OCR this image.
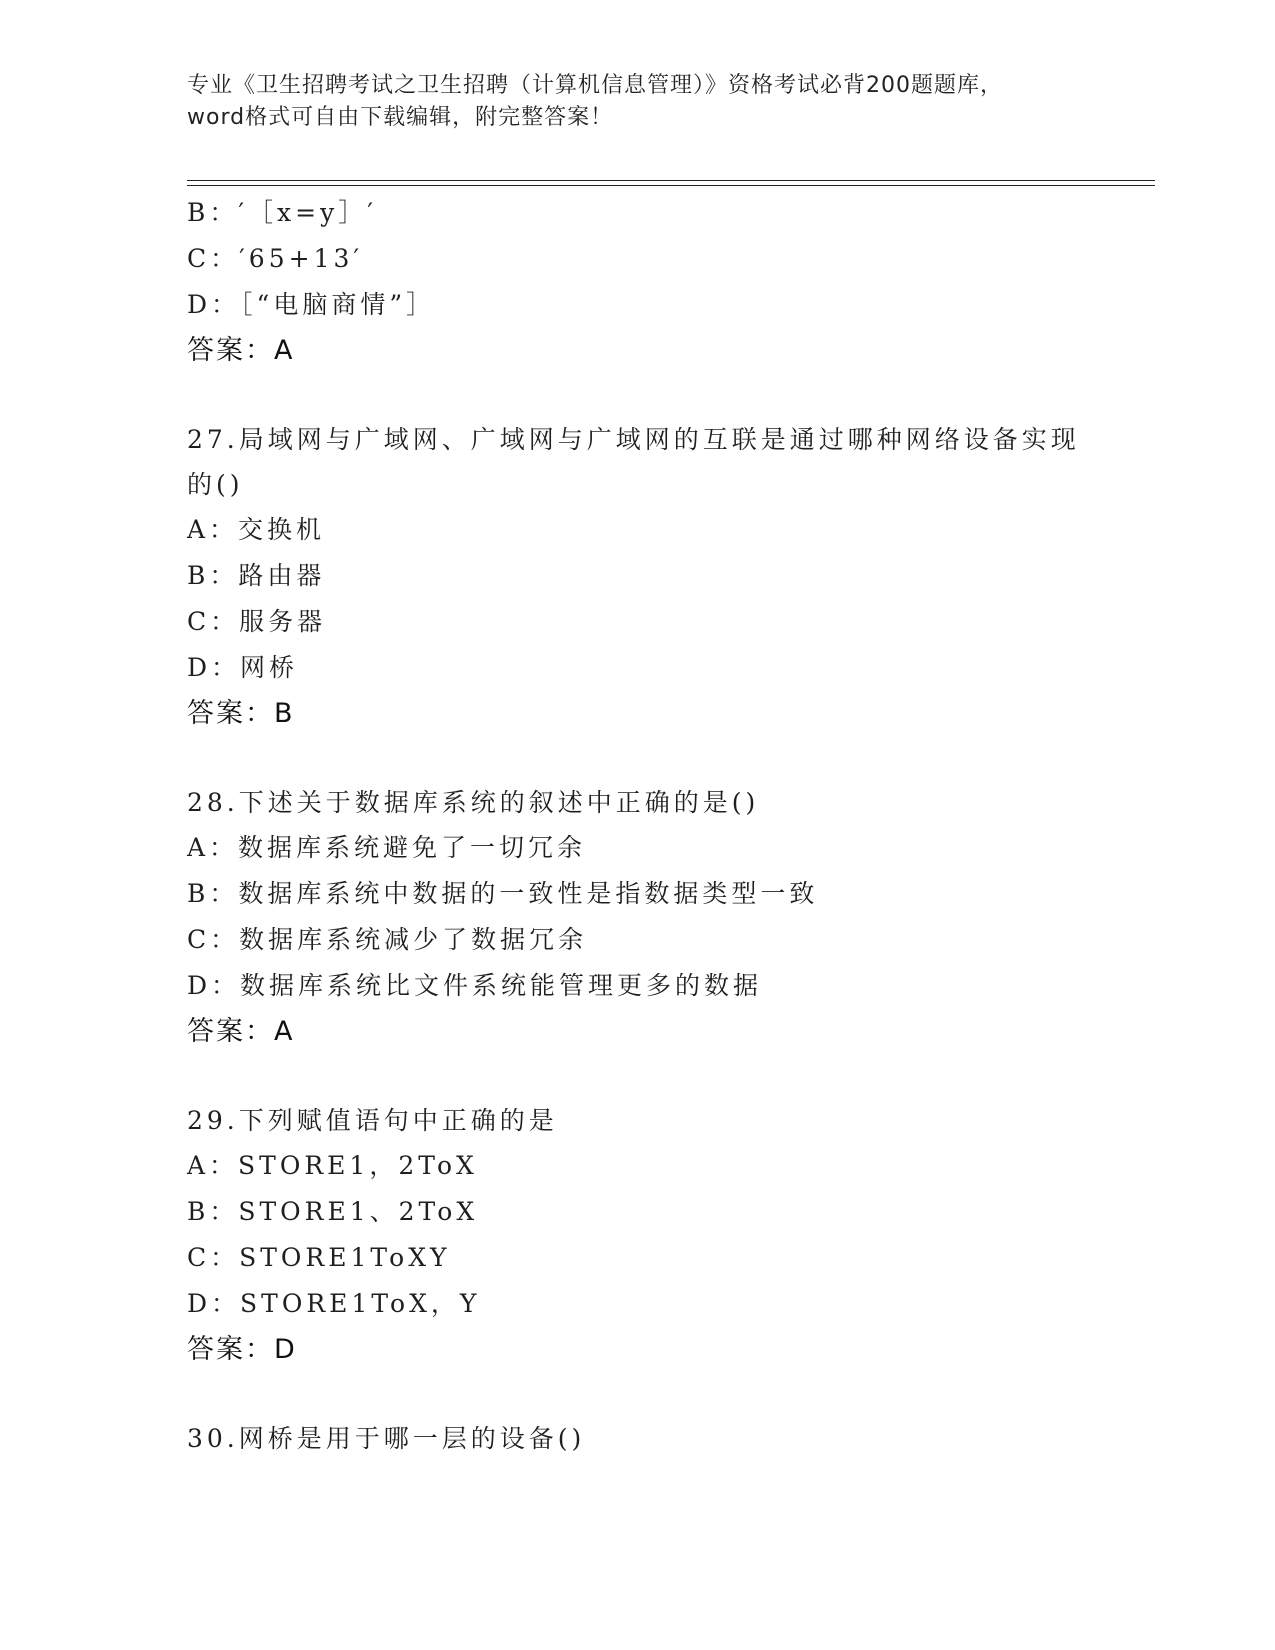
专业《卫生招聘考试之卫生招聘（计算机信息管理）》资格考试必背200题题库，
word格式可自由下载编辑，附完整答案！
B：′［x=y］′
C：′65+13′
D：［“电脑商情”］
答案：A
27.局域网与广域网、广域网与广域网的互联是通过哪种网络设备实现
的()
A：交换机
B：路由器
C：服务器
D：网桥
答案：B
28.下述关于数据库系统的叙述中正确的是()
A：数据库系统避免了一切冗余
B：数据库系统中数据的一致性是指数据类型一致
C：数据库系统减少了数据冗余
D：数据库系统比文件系统能管理更多的数据
答案：A
29.下列赋值语句中正确的是
A：STORE1，2ToX
B：STORE1、2ToX
C：STORE1ToXY
D：STORE1ToX，Y
答案：D
30.网桥是用于哪一层的设备()
